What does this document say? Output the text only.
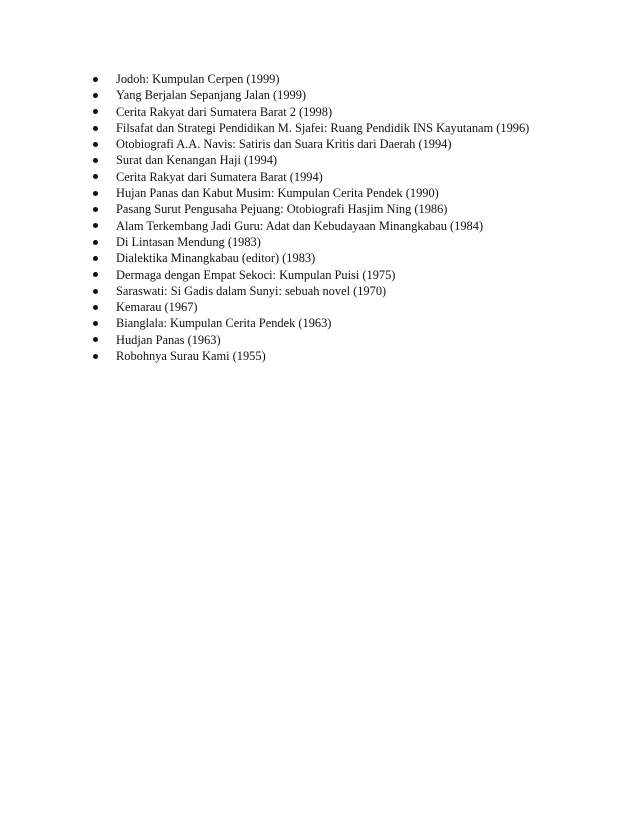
Jodoh: Kumpulan Cerpen (1999)
Yang Berjalan Sepanjang Jalan (1999)
Cerita Rakyat dari Sumatera Barat 2 (1998)
Filsafat dan Strategi Pendidikan M. Sjafei: Ruang Pendidik INS Kayutanam (1996)
Otobiografi A.A. Navis: Satiris dan Suara Kritis dari Daerah (1994)
Surat dan Kenangan Haji (1994)
Cerita Rakyat dari Sumatera Barat (1994)
Hujan Panas dan Kabut Musim: Kumpulan Cerita Pendek (1990)
Pasang Surut Pengusaha Pejuang: Otobiografi Hasjim Ning (1986)
Alam Terkembang Jadi Guru: Adat dan Kebudayaan Minangkabau (1984)
Di Lintasan Mendung (1983)
Dialektika Minangkabau (editor) (1983)
Dermaga dengan Empat Sekoci: Kumpulan Puisi (1975)
Saraswati: Si Gadis dalam Sunyi: sebuah novel (1970)
Kemarau (1967)
Bianglala: Kumpulan Cerita Pendek (1963)
Hudjan Panas (1963)
Robohnya Surau Kami (1955)
